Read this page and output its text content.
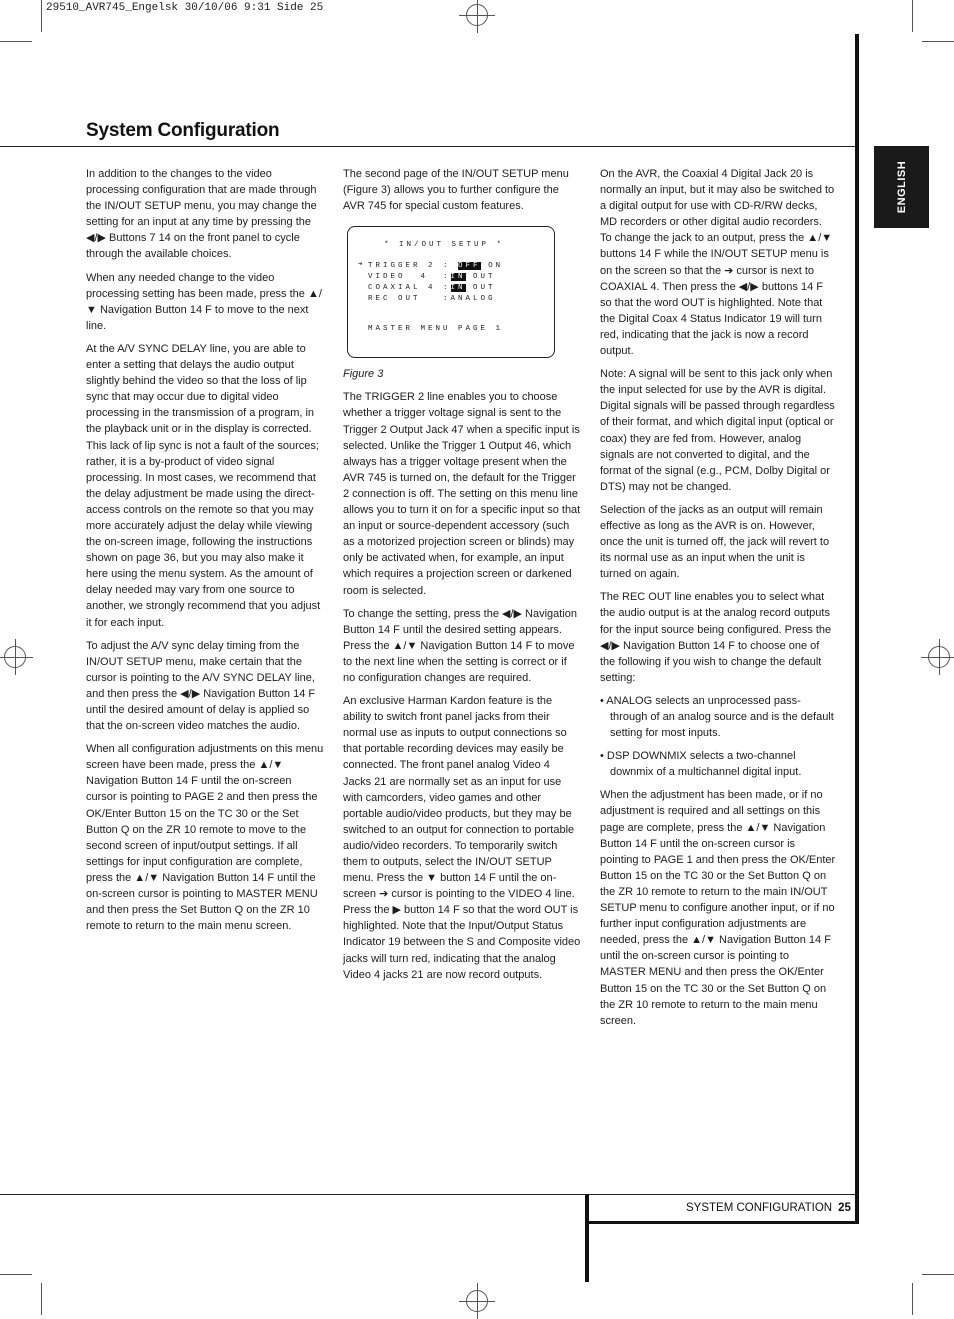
29510_AVR745_Engelsk 30/10/06 9:31 Side 25
System Configuration
ENGLISH

In addition to the changes to the video processing configuration that are made through the IN/OUT SETUP menu, you may change the setting for an input at any time by pressing the ◀/▶ Buttons 7 14 on the front panel to cycle through the available choices.

When any needed change to the video processing setting has been made, press the ▲/▼ Navigation Button 14 F to move to the next line.

At the A/V SYNC DELAY line, you are able to enter a setting that delays the audio output slightly behind the video so that the loss of lip sync that may occur due to digital video processing in the transmission of a program, in the playback unit or in the display is corrected. This lack of lip sync is not a fault of the sources; rather, it is a by-product of video signal processing. In most cases, we recommend that the delay adjustment be made using the direct-access controls on the remote so that you may more accurately adjust the delay while viewing the on-screen image, following the instructions shown on page 36, but you may also make it here using the menu system. As the amount of delay needed may vary from one source to another, we strongly recommend that you adjust it for each input.

To adjust the A/V sync delay timing from the IN/OUT SETUP menu, make certain that the cursor is pointing to the A/V SYNC DELAY line, and then press the ◀/▶ Navigation Button 14 F until the desired amount of delay is applied so that the on-screen video matches the audio.

When all configuration adjustments on this menu screen have been made, press the ▲/▼ Navigation Button 14 F until the on-screen cursor is pointing to PAGE 2 and then press the OK/Enter Button 15 on the TC 30 or the Set Button Q on the ZR 10 remote to move to the second screen of input/output settings. If all settings for input configuration are complete, press the ▲/▼ Navigation Button 14 F until the on-screen cursor is pointing to MASTER MENU and then press the Set Button Q on the ZR 10 remote to return to the main menu screen.

The second page of the IN/OUT SETUP menu (Figure 3) allows you to further configure the AVR 745 for special custom features.

* IN/OUT SETUP *
➔ TRIGGER 2 : OFF ON
VIDEO  4  :IN OUT
COAXIAL 4 :IN OUT
REC OUT   :ANALOG
MASTER MENU PAGE 1

Figure 3

The TRIGGER 2 line enables you to choose whether a trigger voltage signal is sent to the Trigger 2 Output Jack 47 when a specific input is selected. Unlike the Trigger 1 Output 46, which always has a trigger voltage present when the AVR 745 is turned on, the default for the Trigger 2 connection is off. The setting on this menu line allows you to turn it on for a specific input so that an input or source-dependent accessory (such as a motorized projection screen or blinds) may only be activated when, for example, an input which requires a projection screen or darkened room is selected.

To change the setting, press the ◀/▶ Navigation Button 14 F until the desired setting appears. Press the ▲/▼ Navigation Button 14 F to move to the next line when the setting is correct or if no configuration changes are required.

An exclusive Harman Kardon feature is the ability to switch front panel jacks from their normal use as inputs to output connections so that portable recording devices may easily be connected. The front panel analog Video 4 Jacks 21 are normally set as an input for use with camcorders, video games and other portable audio/video products, but they may be switched to an output for connection to portable audio/video recorders. To temporarily switch them to outputs, select the IN/OUT SETUP menu. Press the ▼ button 14 F until the on-screen ➔ cursor is pointing to the VIDEO 4 line. Press the ▶ button 14 F so that the word OUT is highlighted. Note that the Input/Output Status Indicator 19 between the S and Composite video jacks will turn red, indicating that the analog Video 4 jacks 21 are now record outputs.

On the AVR, the Coaxial 4 Digital Jack 20 is normally an input, but it may also be switched to a digital output for use with CD-R/RW decks, MD recorders or other digital audio recorders. To change the jack to an output, press the ▲/▼ buttons 14 F while the IN/OUT SETUP menu is on the screen so that the ➔ cursor is next to COAXIAL 4. Then press the ◀/▶ buttons 14 F so that the word OUT is highlighted. Note that the Digital Coax 4 Status Indicator 19 will turn red, indicating that the jack is now a record output.

Note: A signal will be sent to this jack only when the input selected for use by the AVR is digital. Digital signals will be passed through regardless of their format, and which digital input (optical or coax) they are fed from. However, analog signals are not converted to digital, and the format of the signal (e.g., PCM, Dolby Digital or DTS) may not be changed.

Selection of the jacks as an output will remain effective as long as the AVR is on. However, once the unit is turned off, the jack will revert to its normal use as an input when the unit is turned on again.

The REC OUT line enables you to select what the audio output is at the analog record outputs for the input source being configured. Press the ◀/▶ Navigation Button 14 F to choose one of the following if you wish to change the default setting:

• ANALOG selects an unprocessed pass-through of an analog source and is the default setting for most inputs.

• DSP DOWNMIX selects a two-channel downmix of a multichannel digital input.

When the adjustment has been made, or if no adjustment is required and all settings on this page are complete, press the ▲/▼ Navigation Button 14 F until the on-screen cursor is pointing to PAGE 1 and then press the OK/Enter Button 15 on the TC 30 or the Set Button Q on the ZR 10 remote to return to the main IN/OUT SETUP menu to configure another input, or if no further input configuration adjustments are needed, press the ▲/▼ Navigation Button 14 F until the on-screen cursor is pointing to MASTER MENU and then press the OK/Enter Button 15 on the TC 30 or the Set Button Q on the ZR 10 remote to return to the main menu screen.

SYSTEM CONFIGURATION 25
